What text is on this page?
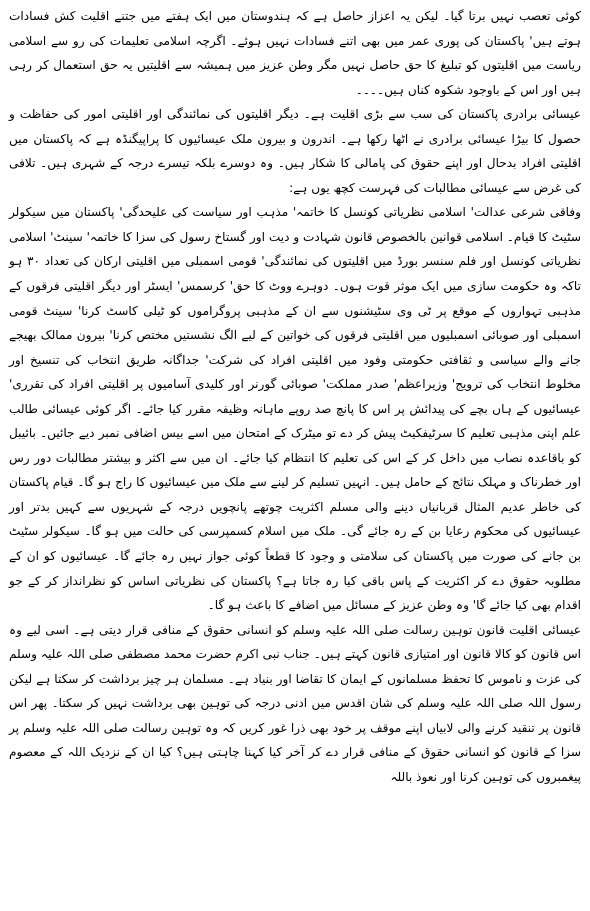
کوئی تعصب نہیں برتا گیا۔ لیکن یہ اعزاز حاصل ہے کہ ہندوستان میں ایک ہفتے میں جتنے اقلیت کش فسادات ہوتے ہیں' پاکستان کی پوری عمر میں بھی اتنے فسادات نہیں ہوئے۔ اگرچہ اسلامی تعلیمات کی رو سے اسلامی ریاست میں اقلیتوں کو تبلیغ کا حق حاصل نہیں مگر وطن عزیز میں ہمیشہ سے اقلیتیں یہ حق استعمال کر رہی ہیں اور اس کے باوجود شکوہ کناں ہیں۔۔۔۔

عیسائی برادری پاکستان کی سب سے بڑی اقلیت ہے۔ دیگر اقلیتوں کی نمائندگی اور اقلیتی امور کی حفاظت و حصول کا بیڑا عیسائی برادری نے اٹھا رکھا ہے۔ اندرون و بیرون ملک عیسائیوں کا پراپیگنڈہ ہے کہ پاکستان میں اقلیتی افراد بدحال اور اپنے حقوق کی پامالی کا شکار ہیں۔ وہ دوسرے بلکہ تیسرے درجہ کے شہری ہیں۔ تلافی کی غرض سے عیسائی مطالبات کی فہرست کچھ یوں ہے:

وفاقی شرعی عدالت' اسلامی نظریاتی کونسل کا خاتمہ' مذہب اور سیاست کی علیحدگی' پاکستان میں سیکولر سٹیٹ کا قیام۔ اسلامی قوانین بالخصوص قانون شہادت و دیت اور گستاخ رسول کی سزا کا خاتمہ' سینٹ' اسلامی نظریاتی کونسل اور فلم سنسر بورڈ میں اقلیتوں کی نمائندگی' قومی اسمبلی میں اقلیتی ارکان کی تعداد ۳۰ ہو تاکہ وہ حکومت سازی میں ایک موثر قوت ہوں۔ دوہرے ووٹ کا حق' کرسمس' ایسٹر اور دیگر اقلیتی فرقوں کے مذہبی تہواروں کے موقع پر ٹی وی سٹیشنوں سے ان کے مذہبی پروگراموں کو ٹیلی کاسٹ کرنا' سینٹ قومی اسمبلی اور صوبائی اسمبلیوں میں اقلیتی فرقوں کی خواتین کے لیے الگ نشستیں مختص کرنا' بیرون ممالک بھیجے جانے والے سیاسی و ثقافتی حکومتی وفود میں اقلیتی افراد کی شرکت' جداگانہ طریق انتخاب کی تنسیخ اور مخلوط انتخاب کی ترویج' وزیراعظم' صدر مملکت' صوبائی گورنر اور کلیدی آسامیوں پر اقلیتی افراد کی تقرری' عیسائیوں کے ہاں بچے کی پیدائش پر اس کا پانچ صد روپے ماہانہ وظیفہ مقرر کیا جائے۔ اگر کوئی عیسائی طالب علم اپنی مذہبی تعلیم کا سرٹیفکیٹ پیش کر دے تو میٹرک کے امتحان میں اسے بیس اضافی نمبر دیے جائیں۔ بائیبل کو باقاعدہ نصاب میں داخل کر کے اس کی تعلیم کا انتظام کیا جائے۔ ان میں سے اکثر و بیشتر مطالبات دور رس اور خطرناک و مہلک نتائج کے حامل ہیں۔ انہیں تسلیم کر لینے سے ملک میں عیسائیوں کا راج ہو گا۔ قیام پاکستان کی خاطر عدیم المثال قربانیاں دینے والی مسلم اکثریت چوتھے پانچویں درجہ کے شہریوں سے کہیں بدتر اور عیسائیوں کی محکوم رعایا بن کے رہ جائے گی۔ ملک میں اسلام کسمپرسی کی حالت میں ہو گا۔ سیکولر سٹیٹ بن جانے کی صورت میں پاکستان کی سلامتی و وجود کا قطعاً کوئی جواز نہیں رہ جائے گا۔ عیسائیوں کو ان کے مطلوبہ حقوق دے کر اکثریت کے پاس باقی کیا رہ جاتا ہے؟ پاکستان کی نظریاتی اساس کو نظرانداز کر کے جو اقدام بھی کیا جائے گا' وہ وطن عزیز کے مسائل میں اضافے کا باعث ہو گا۔

عیسائی اقلیت قانون توہین رسالت صلی اللہ علیہ وسلم کو انسانی حقوق کے منافی قرار دیتی ہے۔ اسی لیے وہ اس قانون کو کالا قانون اور امتیازی قانون کہتے ہیں۔ جناب نبی اکرم حضرت محمد مصطفی صلی اللہ علیہ وسلم کی عزت و ناموس کا تحفظ مسلمانوں کے ایمان کا تقاضا اور بنیاد ہے۔ مسلمان ہر چیز برداشت کر سکتا ہے لیکن رسول اللہ صلی اللہ علیہ وسلم کی شان اقدس میں ادنی درجہ کی توہین بھی برداشت نہیں کر سکتا۔ پھر اس قانون پر تنقید کرنے والی لابیاں اپنے موقف پر خود بھی ذرا غور کریں کہ وہ توہین رسالت صلی اللہ علیہ وسلم پر سزا کے قانون کو انسانی حقوق کے منافی قرار دے کر آخر کیا کہنا چاہتی ہیں؟ کیا ان کے نزدیک اللہ کے معصوم پیغمبروں کی توہین کرنا اور نعوذ باللہ
